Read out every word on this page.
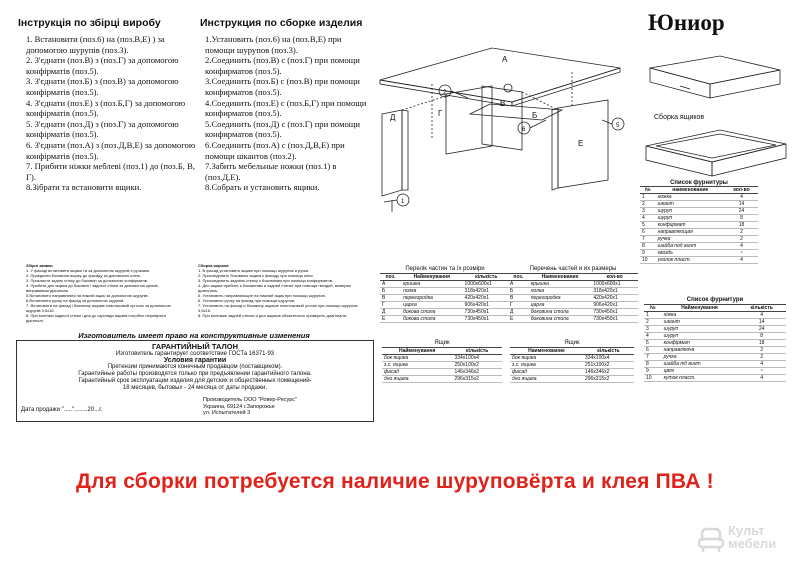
Інструкція по збірці виробу
1. Встановити (поз.6) на (поз.В,Е) ) за допомогою шурупів (поз.3).
2. З'єднати (поз.В) з (поз.Г) за допомогою конфірматів (поз.5).
3. З'єднати (поз.Б) з (поз.В) за допомогою конфірматів (поз.5).
4. З'єднати (поз.Е) з (поз.Б,Г) за допомогою конфірматів (поз.5).
5. З'єднати (поз.Д) з (поз.Г) за допомогою конфірматів (поз.5).
6. З'єднати (поз.А) з (поз.Д,В,Е) за допомогою конфірматів (поз.5).
7. Прибити ніжки меблеві (поз.1) до (поз.Б, В, Г).
8.Зібрати та встановити ящики.
Инструкция по сборке изделия
1.Установить (поз.6) на (поз.В,Е) при помощи шурупов (поз.3).
2.Соединить (поз.В) с (поз.Г) при помощи конфирматов (поз.5).
3.Соединить (поз.Б) с (поз.В) при помощи конфирматов (поз.5).
4.Соединить (поз.Е) с (поз.Б,Г) при помощи конфирматов (поз.5).
5.Соединить (поз.Д) с (поз.Г) при помощи конфирматов (поз.5).
6.Соединить (поз.А) с (поз.Д,В,Е) при помощи шкантов (поз.2).
7.Забить мебельные ножки (поз.1) в (поз.Д,Е).
8.Собрать и установить ящики.
Юниор
А
Б
В
Г
Д
Е
1
2
6
5
Сборка ящиков
Список фурнитуры
№	наименование	кол-во
1	ножка	4
2	шкант	14
3	шуруп	24
4	шуруп	8
5	конфирмат	18
6	направляющая	2
7	ручка	2
8	шайба под винт	4
9	гвоздь	~
10	уголок пласт.	4
Список фурнитури
№	Найменування	кількість
1	ніжка	4
2	шкант	14
3	шуруп	24
4	шуруп	8
5	конфірмат	18
6	направляюча	2
7	ручка	2
8	шайба під винт	4
9	цвях	~
10	куток пласт.	4
Перелік частин та їх розміри
поз.	Найменування	кількість
А	кришка	1000х600х1
Б	полка	318х420х1
В	перегородка	420х420х1
Г	царга	906х420х1
Д	бокова стола	730х450х1
Е	бокова стола	730х450х1
Перечень частей и их размеры
поз.	Наименование	кол-во
А	крышка	1000х600х1
Б	полка	318х420х1
В	перегородка	420х420х1
Г	царга	906х420х1
Д	боковина стола	730х450х1
Е	боковина стола	730х450х1
Ящик
Найменування	кількість
бок ящика	334х100х4
з.с. ящика	250х100х2
фасад	146х346х2
дно ящика	296х315х2
Ящик
Наименование	кількість
бок ящика	334х100х4
з.с. ящика	251х100х2
фасад	146х346х2
дно ящика	296х315х2
Збірні заявки
1. У фасаді встановити ящики та за допомогою шурупів з ручками.
2. Приєднати боковини ящику до фасаду за допомогою клею.
3. Прикласти задню стінку до боковин за допомогою конфірматів.
4. Прибити дно ящика до боковин і задньої стінки за допомогою цвяхів, виправивши діагональ.
5.Встановити направляючі на нижній ящик за допомогою шурупів.
6.Встановити ручку на фасад за допомогою шурупів.
7. Встановити на фасад і боковину ящиків пластиковий куточок за допомогою шурупів 3,5х16.
8. При монтажі задньої стінки і дна до шухляди ящиків потрібно перевірити діагоналі.
Сборка ящиков
1. В фасад установить ящики при помощи шурупов и ручки.
2. Присоединить боковины ящика к фасаду при помощи клея.
3. Присоединить заднюю стенку к боковинам при помощи конфирматов.
4. Дно ящика прибить к боковинам и задней стенке при помощи гвоздей, выверяя диагональ.
5. Установить направляющие на нижний ящик при помощи шурупов.
6. Установить ручку на фасад при помощи шурупов.
7. Установить на фасад и боковину ящиков пластиковый уголок при помощи шурупов 3,5х16.
8. При монтаже задней стенки и дна ящиков обязательно проверить диагонали.
Изготовитель имеет право на конструктивные изменения
ГАРАНТИЙНЫЙ ТАЛОН
Изготовитель гарантирует соответствие ГОСТа 16371-93
Условия гарантии
Претензии принимаются конечным продавцом (поставщиком).
Гарантийные работы производятся только при предъявлении гарантийного талона.
Гарантийный срок эксплуатации изделия для детских и общественных помещений-
18 месяцев, бытовых - 24 месяца от даты продажи.
Дата продажи "....."........20...г.
Производитель ООО "Ровер-Ресурс"
Украина, 69124 г.Запорожье
ул. Испытателей 3
Для сборки потребуется наличие шуруповёрта и клея ПВА !
Культ мебели
